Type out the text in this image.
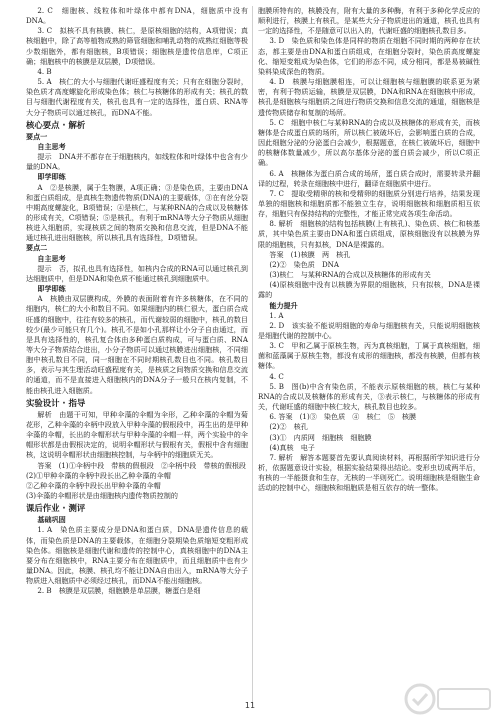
2. C　细胞核、线粒体和叶绿体中都有DNA，细胞质中没有DNA。

3. C　拟核不具有核膜、核仁，是原核细胞的结构，A项错误；真核细胞中，除了高等植物成熟的筛管细胞和哺乳动物的成熟红细胞等极少数细胞外，都有细胞核，B项错误；细胞核是遗传信息库，C项正确；细胞核中的核膜是双层膜，D项错误。

4. B

5. A　核仁的大小与细胞代谢旺盛程度有关；只有在细胞分裂时，染色质才高度螺旋化形成染色体；核仁与核糖体的形成有关；核孔的数目与细胞代谢程度有关，核孔也具有一定的选择性，蛋白质、RNA等大分子物质可以通过核孔，而DNA不能。

核心要点 · 解析

要点一

自主思考

提示　DNA并不都存在于细胞核内，如线粒体和叶绿体中也含有少量的DNA。

即学即练

A　②是核膜，属于生物膜，A项正确；③是染色质，主要由DNA和蛋白质组成，是真核生物遗传物质(DNA)的主要载体，③在有丝分裂中期高度螺旋化，B项错误；④是核仁，与某种RNA的合成以及核糖体的形成有关，C项错误；⑤是核孔，有利于mRNA等大分子物质从细胞核进入细胞质，实现核质之间的物质交换和信息交流，但是DNA不能通过核孔进出细胞核，所以核孔具有选择性，D项错误。

要点二

自主思考

提示　否，拟孔也具有选择性，如核内合成的RNA可以通过核孔到达细胞质中，但是DNA和染色质不能通过核孔到细胞质中。

即学即练

A　核膜由双层膜构成，外膜的表面附着有许多核糖体，在不同的细胞内，核仁的大小和数目不同。如果细胞内的核仁很大，蛋白质合成旺盛的细胞中，往往有较多的核孔，而代谢较弱的细胞中，核孔的数目较少(最少可能只有几个)。核孔不是如小孔那样让小分子自由通过，而是具有选择性的，核孔复合体由多种蛋白质构成，可与蛋白质、RNA等大分子物质结合进出，小分子物质可以通过核膜进出细胞核，不同细胞中核孔数目不同，同一细胞在不同时期核孔数目也不同。核孔数目多，表示与其生理活动旺盛程度有关，是核质之间物质交换和信息交流的通道，而不是直接进入细胞核内的DNA分子一般只在核内复制，不能由核孔进入细胞质。

实验设计 · 指导

解析　由题干可知，甲种伞藻的伞帽为伞形，乙种伞藻的伞帽为菊花形，乙种伞藻的伞柄中段放入甲种伞藻的假根段中，再生出的是甲种伞藻的伞帽，长出的伞帽形状与甲种伞藻的伞帽一样，两个实验中的伞帽形状都是由假根决定的，说明伞帽形状与假根有关，假根中含有细胞核，这说明伞帽形状由细胞核控制，与伞柄中的细胞质无关。

答案　(1)①伞柄中段　带核的假根段　②伞柄中段　带核的假根段

(2)①甲种伞藻的伞柄中段长出乙种伞藻的伞帽

②乙种伞藻的伞柄中段长出甲种伞藻的伞帽

(3)伞藻的伞帽形状是由细胞核内遗传物质控制的

课后作业 · 测评

基础巩固

1. A　染色质主要成分是DNA和蛋白质，DNA是遗传信息的载体，而染色质是DNA的主要载体，在细胞分裂期染色质缩短变粗形成染色体。细胞核是细胞代谢和遗传的控制中心，真核细胞中的DNA主要分布在细胞核中，RNA主要分布在细胞质中，而且细胞质中也有少量DNA。因此，核膜、核孔均不能让DNA自由出入，mRNA等大分子物质进入细胞质中必须经过核孔，而DNA不能出细胞核。

2. B　核膜是双层膜，细胞膜是单层膜，糖蛋白是细

胞膜所特有的，核膜没有，附有大量的多种酶，有利于多种化学反应的顺利进行，核膜上有核孔，是某些大分子物质进出的通道，核孔也具有一定的选择性，不是随意可以出入的，代谢旺盛的细胞核孔数目多。

3. D　染色质和染色体是同样的物质在细胞不同时期的两种存在状态，都主要是由DNA和蛋白质组成，在细胞分裂时，染色质高度螺旋化、缩短变粗成为染色体，它们的形态不同，成分相同，都是易被碱性染料染成深色的物质。

4. D　核膜与细胞膜相连，可以让细胞核与细胞膜的联系更为紧密，有利于物质运输，核膜是双层膜，DNA和RNA在细胞核中形成，核孔是细胞核与细胞质之间进行物质交换和信息交流的通道，细胞核是遗传物质储存和复制的场所。

5. C　细胞中核仁与某种RNA的合成以及核糖体的形成有关，而核糖体是合成蛋白质的场所，所以核仁被破坏后，会影响蛋白质的合成，因此细胞分泌的分泌蛋白会减少，根据题意，在核仁被破坏后，细胞中的核糖体数量减少，所以高尔基体分泌的蛋白质会减少，所以C项正确。

6. A　核糖体为蛋白质合成的场所，蛋白质合成时，需要转录并翻译的过程，转录在细胞核中进行，翻译在细胞质中进行。

7. C　提取受精卵的核和受精卵的细胞质分别进行培养，结果发现单独的细胞核和细胞质都不能独立生存，说明细胞核和细胞质相互依存，细胞只有保持结构的完整性，才能正常完成各项生命活动。

8. 解析　细胞核的结构包括核膜(上有核孔)、染色质、核仁和核基质，其中染色质主要由DNA和蛋白质组成，原核细胞没有以核膜为界限的细胞核，只有拟核，DNA是裸露的。

答案　(1)核膜　两　核孔

(2)②　染色质　DNA

(3)核仁　与某种RNA的合成以及核糖体的形成有关

(4)原核细胞中没有以核膜为界限的细胞核，只有拟核，DNA是裸露的

能力提升

1. A

2. D　该实验不能说明细胞的寿命与细胞核有关，只能说明细胞核是细胞代谢的控制中心。

3. C　甲和乙属于原核生物，丙为真核细胞，丁属于真核细胞，细菌和蓝藻属于原核生物，都没有成形的细胞核，都没有核膜，但都有核糖体。

4. C

5. B　图(b)中含有染色质，不能表示原核细胞的核，核仁与某种RNA的合成以及核糖体的形成有关，③表示核仁，与核糖体的形成有关，代谢旺盛的细胞中核仁较大，核孔数目也较多。

6. 答案　(1)③　染色质　④　核仁　⑤　核膜

(2)②　核孔

(3)①　内质网　细胞核　细胞膜

(4)真核　电子

7. 解析　解答本题要首先要认真阅读材料，再根据所学知识进行分析，依据题意设计实验，根据实验结果得出结论。变形虫切成两半后，有核的一半能摄食和生存，无核的一半则死亡。说明细胞核是细胞生命活动的控制中心，细胞核和细胞质是相互依存的统一整体。

11
